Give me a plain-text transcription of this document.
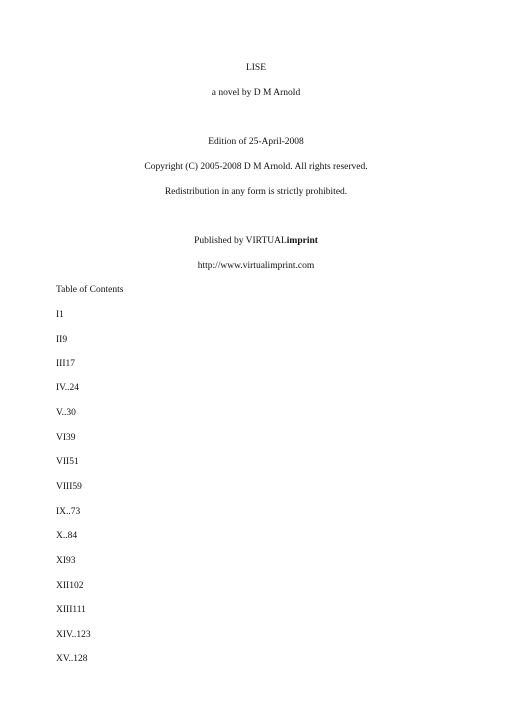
LISE
a novel by D M Arnold
Edition of 25-April-2008
Copyright (C) 2005-2008 D M Arnold. All rights reserved.
Redistribution in any form is strictly prohibited.
Published by VIRTUALimprint
http://www.virtualimprint.com
Table of Contents
I1
II9
III17
IV..24
V..30
VI39
VII51
VIII59
IX..73
X..84
XI93
XII102
XIII111
XIV..123
XV..128
